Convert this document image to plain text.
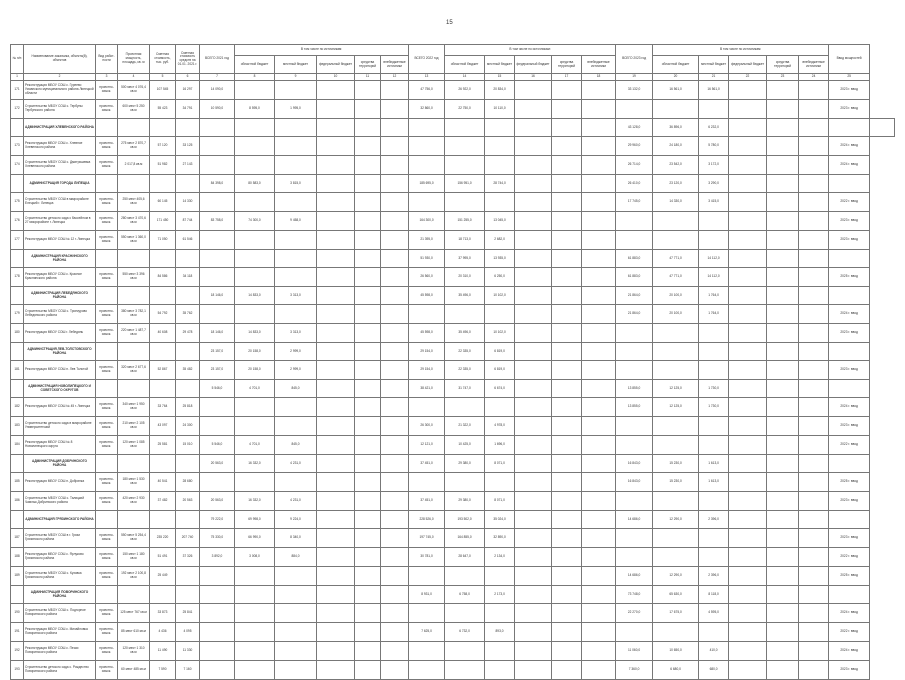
15
№ п/п	Наименование заказчика, объекта(й), объектов	Вид работ-ности	Проектная мощность, площадь, кв. м	Сметная стоимость, тыс. руб.	Сметная стоимость средств на 01.01. 2021 г.	ВСЕГО 2021 год	В том числе по источникам:					ВСЕГО 2022 год	В том числе по источникам:					ВСЕГО 2023 год	В том числе по источникам:					Ввод мощностей	
							областной бюджет	местный бюджет	федеральный бюджет	средства территорий	внебюджетные источники		областной бюджет	местный бюджет	федеральный бюджет	средства территорий	внебюджетные источники		областной бюджет	местный бюджет	федеральный бюджет	средства территорий	внебюджетные источники		
1	2	3	4	5	6	7	8	9	10	11	12	13	14	15	16	17	18	19	20	21	22	23	24	25	
171	Реконструкция МБОУ СОШ с. Гуреево Усманского муниципального района Липецкой области	проектно-изыск.	500 мест 4 076,4 кв.м	107 545	16 297	14 090,0						47 756,0	26 922,0	20 834,0				33 132,0	16 561,0	16 561,0				2023 г. ввод	
172	Строительство МБОУ СОШ с. Тербуны Тербунского района	проектно-изыск.	600 мест 5 250 кв.м	55 423	34 791	10 590,0	8 595,0	1 995,0				32 860,0	22 750,0	10 110,0										2023 г. ввод	
	АДМИНИСТРАЦИЯ ХЛЕВЕНСКОГО РАЙОНА																	43 128,0	36 896,0	6 232,0					
173	Реконструкция МБОУ СОШ с. Хлевное Хлевенского района	проектно-изыск.	275 мест 2 870,7 кв.м	57 120	33 125													29 960,0	24 180,0	5 780,0				2024 г. ввод	
174	Строительство МБОУ СОШ с. Дмитряшевка Хлевенского района	проектно-изыск.	2 017,8 кв.м	51 982	27 143													26 714,0	23 542,0	3 172,0				2024 г. ввод	
	АДМИНИСТРАЦИЯ ГОРОДА ЛИПЕЦКА					84 398,0	80 583,0	3 815,0				185 695,0	156 951,0	28 744,0				26 410,0	23 120,0	3 290,0					
175	Строительство МБОУ СОШ в микрорайоне Елецкий г. Липецка	проектно-изыск.	250 мест 405,6 кв.м	60 145	14 330													17 745,0	14 330,0	3 415,0				2022 г. ввод	
176	Строительство детского сада с бассейном в 27 микрорайоне г. Липецка	проектно-изыск.	280 мест 3 470,6 кв.м	171 450	87 744	83 758,0	74 300,0	9 458,0				164 300,0	151 255,0	13 045,0										2023 г. ввод	
177	Реконструкция МБОУ СОШ № 12 г. Липецка	проектно-изыск.	550 мест 1 360,0 кв.м	71 050	61 546							21 395,0	18 713,0	2 682,0										2023 г. ввод	
	АДМИНИСТРАЦИЯ КРАСНИНСКОГО РАЙОНА											51 930,0	37 995,0	13 935,0				61 883,0	47 771,0	14 112,0					
178	Реконструкция МБОУ СОШ с. Красное Краснинского района	проектно-изыск.	550 мест 3 396 кв.м	84 586	34 118							26 560,0	20 310,0	6 250,0				61 883,0	47 771,0	14 112,0				2025 г. ввод	
	АДМИНИСТРАЦИЯ ЛЕБЕДЯНСКОГО РАЙОНА					18 146,0	14 833,0	3 313,0				45 598,0	35 496,0	10 102,0				21 864,0	20 100,0	1 764,0					
179	Строительство МБОУ СОШ с. Троекурово Лебедянского района	проектно-изыск.	380 мест 3 782,1 кв.м	54 792	35 762													21 864,0	20 100,0	1 764,0				2024 г. ввод	
180	Реконструкция МБОУ СОШ г. Лебедянь	проектно-изыск.	220 мест 1 487,7 кв.м	40 608	29 478	18 146,0	14 833,0	3 313,0				45 598,0	35 496,0	10 102,0										2023 г. ввод	
	АДМИНИСТРАЦИЯ ЛЕВ-ТОЛСТОВСКОГО РАЙОНА					23 157,0	20 158,0	2 999,0				29 154,0	22 335,0	6 819,0											
181	Реконструкция МБОУ СОШ п. Лев Толстой	проектно-изыск.	320 мест 2 677,6 кв.м	52 867	35 482	23 157,0	20 158,0	2 999,0				29 154,0	22 335,0	6 819,0										2023 г. ввод	
	АДМИНИСТРАЦИЯ НОВОЛИПЕЦКОГО И СОВЕТСКОГО ОКРУГОВ					5 546,0	4 701,0	845,0				38 421,0	31 747,0	6 674,0				13 855,0	12 125,0	1 730,0					
182	Реконструкция МБОУ СОШ № 45 г. Липецка	проектно-изыск.	340 мест 1 950 кв.м	33 764	25 818													13 855,0	12 125,0	1 730,0				2024 г. ввод	
183	Строительство детского сада в микрорайоне Университетский	проектно-изыск.	210 мест 2 105 кв.м	43 097	24 300							26 300,0	21 322,0	4 978,0										2023 г. ввод	
184	Реконструкция МБОУ СОШ № 8 Новолипецкого округа	проектно-изыск.	120 мест 1 085 кв.м	25 581	15 010	5 546,0	4 701,0	845,0				12 121,0	10 425,0	1 696,0										2022 г. ввод	
	АДМИНИСТРАЦИЯ ДОБРИНСКОГО РАЙОНА					20 563,0	16 332,0	4 231,0				37 451,0	29 380,0	8 071,0				16 843,0	15 230,0	1 613,0					
185	Реконструкция МБОУ СОШ п. Добринка	проектно-изыск.	180 мест 1 530 кв.м	40 541	28 680													16 843,0	15 230,0	1 613,0				2025 г. ввод	
186	Строительство МБОУ СОШ с. Талицкий Чамлык Добринского района	проектно-изыск.	420 мест 2 930 кв.м	37 482	20 563	20 563,0	16 332,0	4 231,0				37 451,0	29 380,0	8 071,0										2023 г. ввод	
	АДМИНИСТРАЦИЯ ГРЯЗИНСКОГО РАЙОНА					79 222,0	69 998,0	9 224,0				228 526,0	193 502,0	35 024,0				14 686,0	12 290,0	2 396,0					
187	Строительство МБОУ СОШ в г. Грязи Грязинского района	проектно-изыск.	550 мест 5 254,4 кв.м	235 220	207 740	75 330,0	66 990,0	8 340,0				197 745,0	164 855,0	32 890,0										2023 г. ввод	
188	Реконструкция МБОУ СОШ с. Ярлуково Грязинского района	проектно-изыск.	150 мест 1 180 кв.м	51 491	37 326	3 892,0	3 008,0	884,0				30 781,0	28 647,0	2 134,0										2022 г. ввод	
189	Строительство МБОУ СОШ с. Кузовка Грязинского района	проектно-изыск.	192 мест 2 100,8 кв.м	25 449														14 686,0	12 290,0	2 396,0				2025 г. ввод	
	АДМИНИСТРАЦИЯ ПОВОРИНСКОГО РАЙОНА											8 931,0	6 758,0	2 173,0				73 748,0	65 630,0	8 118,0					
190	Строительство МБОУ СОШ с. Подгорное Поворинского района	проектно-изыск.	125 мест 767 кв.м	33 873	25 841													22 270,0	17 675,0	4 595,0				2024 г. ввод	
191	Реконструкция МБОУ СОШ с. Михайловка Поворинского района	проектно-изыск.	85 мест 610 кв.м	4 436	4 095							7 625,0	6 732,0	893,0										2022 г. ввод	
192	Реконструкция МБОУ СОШ с. Пески Поворинского района	проектно-изыск.	120 мест 1 310 кв.м	11 490	11 330													11 060,0	10 650,0	410,0				2024 г. ввод	
193	Строительство детского сада с. Рождество Поворинского района	проектно-изыск.	60 мест 485 кв.м	7 590	7 160													7 360,0	6 680,0	680,0				2023 г. ввод	
